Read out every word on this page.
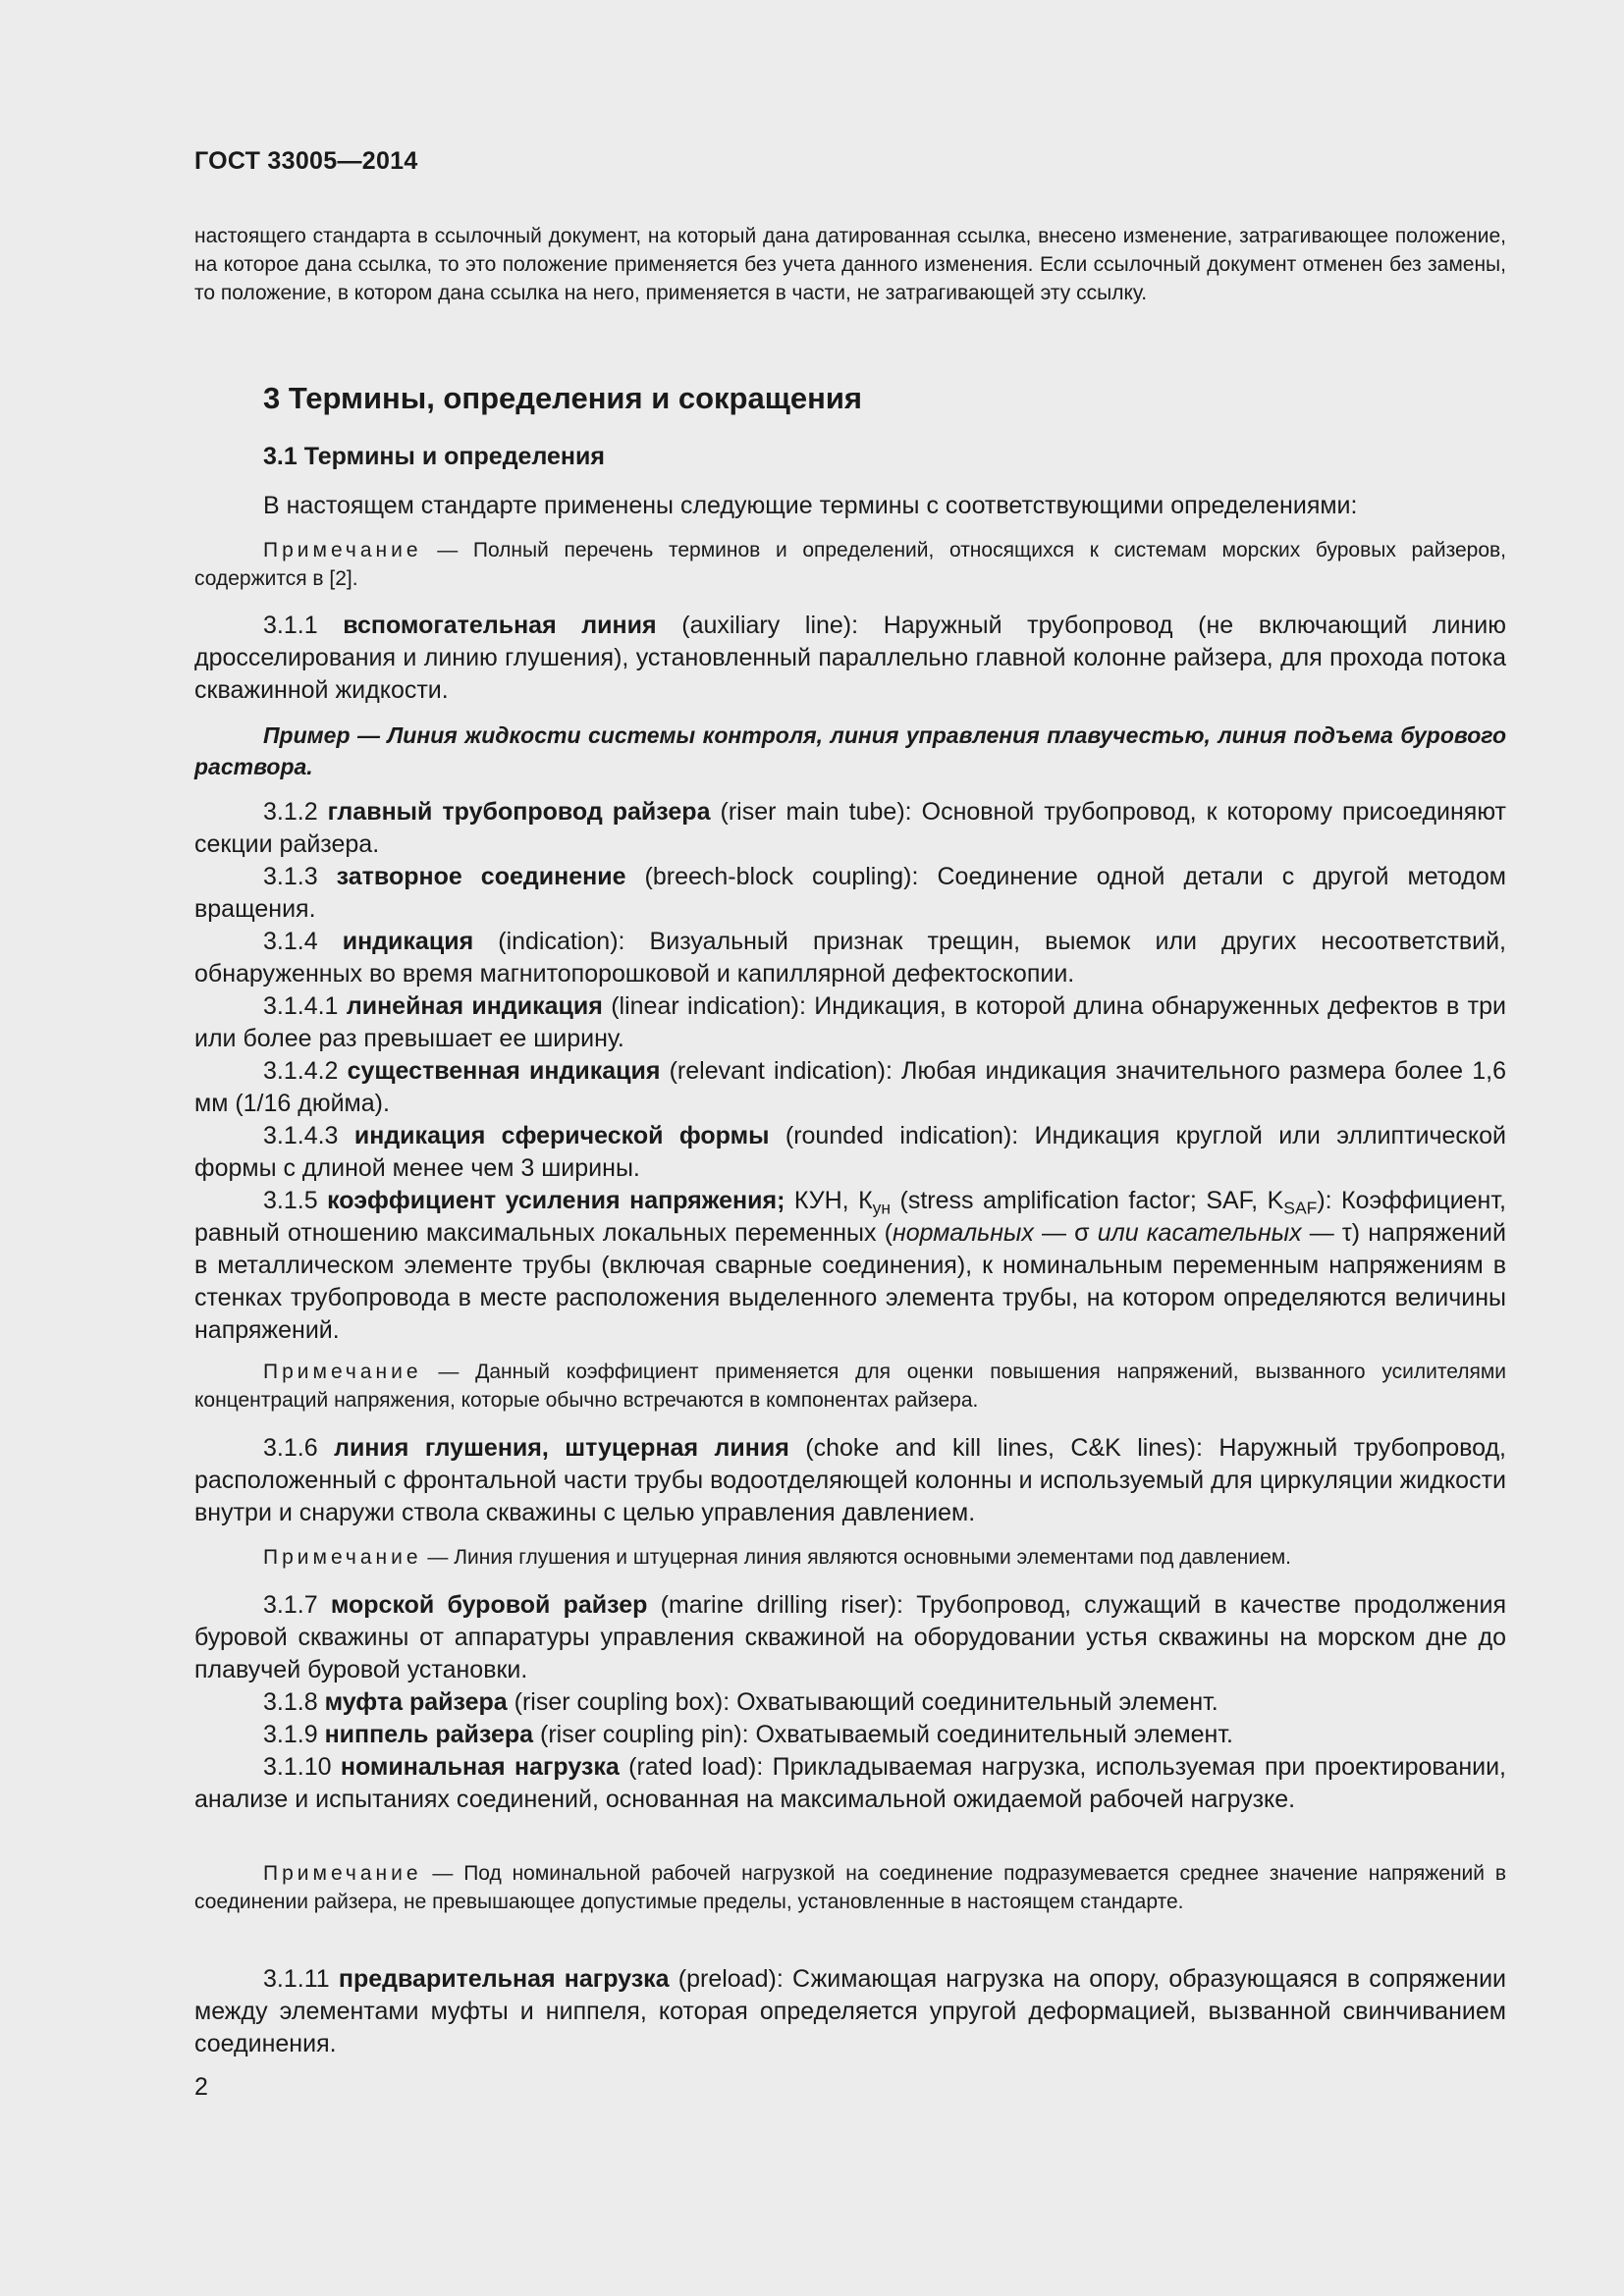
ГОСТ 33005—2014

настоящего стандарта в ссылочный документ, на который дана датированная ссылка, внесено изменение, затрагивающее положение, на которое дана ссылка, то это положение применяется без учета данного изменения. Если ссылочный документ отменен без замены, то положение, в котором дана ссылка на него, применяется в части, не затрагивающей эту ссылку.

3 Термины, определения и сокращения

3.1 Термины и определения

В настоящем стандарте применены следующие термины с соответствующими определениями:

Примечание — Полный перечень терминов и определений, относящихся к системам морских буровых райзеров, содержится в [2].

3.1.1 вспомогательная линия (auxiliary line): Наружный трубопровод (не включающий линию дросселирования и линию глушения), установленный параллельно главной колонне райзера, для прохода потока скважинной жидкости.

Пример — Линия жидкости системы контроля, линия управления плавучестью, линия подъема бурового раствора.

3.1.2 главный трубопровод райзера (riser main tube): Основной трубопровод, к которому присоединяют секции райзера.

3.1.3 затворное соединение (breech-block coupling): Соединение одной детали с другой методом вращения.

3.1.4 индикация (indication): Визуальный признак трещин, выемок или других несоответствий, обнаруженных во время магнитопорошковой и капиллярной дефектоскопии.

3.1.4.1 линейная индикация (linear indication): Индикация, в которой длина обнаруженных дефектов в три или более раз превышает ее ширину.

3.1.4.2 существенная индикация (relevant indication): Любая индикация значительного размера более 1,6 мм (1/16 дюйма).

3.1.4.3 индикация сферической формы (rounded indication): Индикация круглой или эллиптической формы с длиной менее чем 3 ширины.

3.1.5 коэффициент усиления напряжения; КУН, $К_{ун}$ (stress amplification factor; SAF, $K_{SAF}$): Коэффициент, равный отношению максимальных локальных переменных (нормальных — σ или касательных — τ) напряжений в металлическом элементе трубы (включая сварные соединения), к номинальным переменным напряжениям в стенках трубопровода в месте расположения выделенного элемента трубы, на котором определяются величины напряжений.

Примечание — Данный коэффициент применяется для оценки повышения напряжений, вызванного усилителями концентраций напряжения, которые обычно встречаются в компонентах райзера.

3.1.6 линия глушения, штуцерная линия (choke and kill lines, C&K lines): Наружный трубопровод, расположенный с фронтальной части трубы водоотделяющей колонны и используемый для циркуляции жидкости внутри и снаружи ствола скважины с целью управления давлением.

Примечание — Линия глушения и штуцерная линия являются основными элементами под давлением.

3.1.7 морской буровой райзер (marine drilling riser): Трубопровод, служащий в качестве продолжения буровой скважины от аппаратуры управления скважиной на оборудовании устья скважины на морском дне до плавучей буровой установки.

3.1.8 муфта райзера (riser coupling box): Охватывающий соединительный элемент.

3.1.9 ниппель райзера (riser coupling pin): Охватываемый соединительный элемент.

3.1.10 номинальная нагрузка (rated load): Прикладываемая нагрузка, используемая при проектировании, анализе и испытаниях соединений, основанная на максимальной ожидаемой рабочей нагрузке.

Примечание — Под номинальной рабочей нагрузкой на соединение подразумевается среднее значение напряжений в соединении райзера, не превышающее допустимые пределы, установленные в настоящем стандарте.

3.1.11 предварительная нагрузка (preload): Сжимающая нагрузка на опору, образующаяся в сопряжении между элементами муфты и ниппеля, которая определяется упругой деформацией, вызванной свинчиванием соединения.

2
